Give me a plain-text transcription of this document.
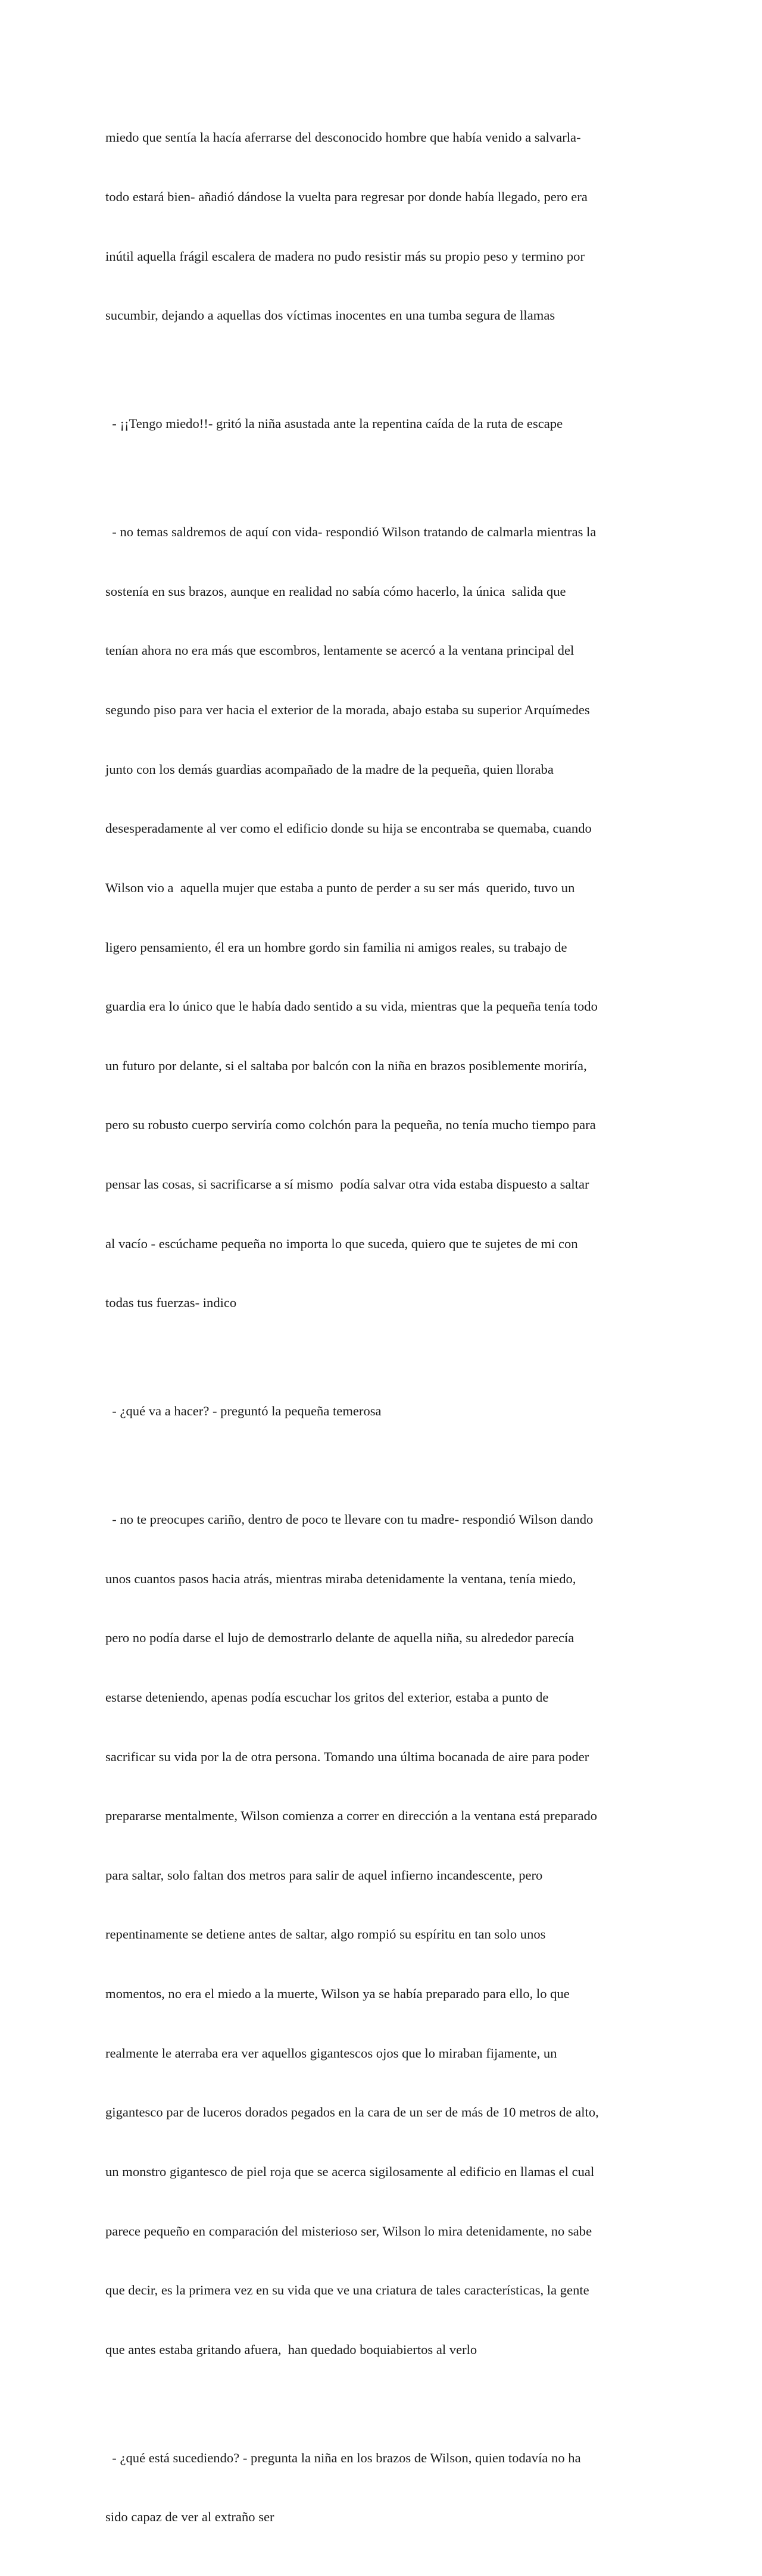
miedo que sentía la hacía aferrarse del desconocido hombre que había venido a salvarla-

todo estará bien- añadió dándose la vuelta para regresar por donde había llegado, pero era

inútil aquella frágil escalera de madera no pudo resistir más su propio peso y termino por

sucumbir, dejando a aquellas dos víctimas inocentes en una tumba segura de llamas

- ¡¡Tengo miedo!!- gritó la niña asustada ante la repentina caída de la ruta de escape

- no temas saldremos de aquí con vida- respondió Wilson tratando de calmarla mientras la

sostenía en sus brazos, aunque en realidad no sabía cómo hacerlo, la única  salida que

tenían ahora no era más que escombros, lentamente se acercó a la ventana principal del

segundo piso para ver hacia el exterior de la morada, abajo estaba su superior Arquímedes

junto con los demás guardias acompañado de la madre de la pequeña, quien lloraba

desesperadamente al ver como el edificio donde su hija se encontraba se quemaba, cuando

Wilson vio a  aquella mujer que estaba a punto de perder a su ser más  querido, tuvo un

ligero pensamiento, él era un hombre gordo sin familia ni amigos reales, su trabajo de

guardia era lo único que le había dado sentido a su vida, mientras que la pequeña tenía todo

un futuro por delante, si el saltaba por balcón con la niña en brazos posiblemente moriría,

pero su robusto cuerpo serviría como colchón para la pequeña, no tenía mucho tiempo para

pensar las cosas, si sacrificarse a sí mismo  podía salvar otra vida estaba dispuesto a saltar

al vacío - escúchame pequeña no importa lo que suceda, quiero que te sujetes de mi con

todas tus fuerzas- indico

- ¿qué va a hacer? - preguntó la pequeña temerosa

- no te preocupes cariño, dentro de poco te llevare con tu madre- respondió Wilson dando

unos cuantos pasos hacia atrás, mientras miraba detenidamente la ventana, tenía miedo,

pero no podía darse el lujo de demostrarlo delante de aquella niña, su alrededor parecía

estarse deteniendo, apenas podía escuchar los gritos del exterior, estaba a punto de

sacrificar su vida por la de otra persona. Tomando una última bocanada de aire para poder

prepararse mentalmente, Wilson comienza a correr en dirección a la ventana está preparado

para saltar, solo faltan dos metros para salir de aquel infierno incandescente, pero

repentinamente se detiene antes de saltar, algo rompió su espíritu en tan solo unos

momentos, no era el miedo a la muerte, Wilson ya se había preparado para ello, lo que

realmente le aterraba era ver aquellos gigantescos ojos que lo miraban fijamente, un

gigantesco par de luceros dorados pegados en la cara de un ser de más de 10 metros de alto,

un monstro gigantesco de piel roja que se acerca sigilosamente al edificio en llamas el cual

parece pequeño en comparación del misterioso ser, Wilson lo mira detenidamente, no sabe

que decir, es la primera vez en su vida que ve una criatura de tales características, la gente

que antes estaba gritando afuera,  han quedado boquiabiertos al verlo

- ¿qué está sucediendo? - pregunta la niña en los brazos de Wilson, quien todavía no ha

sido capaz de ver al extraño ser
